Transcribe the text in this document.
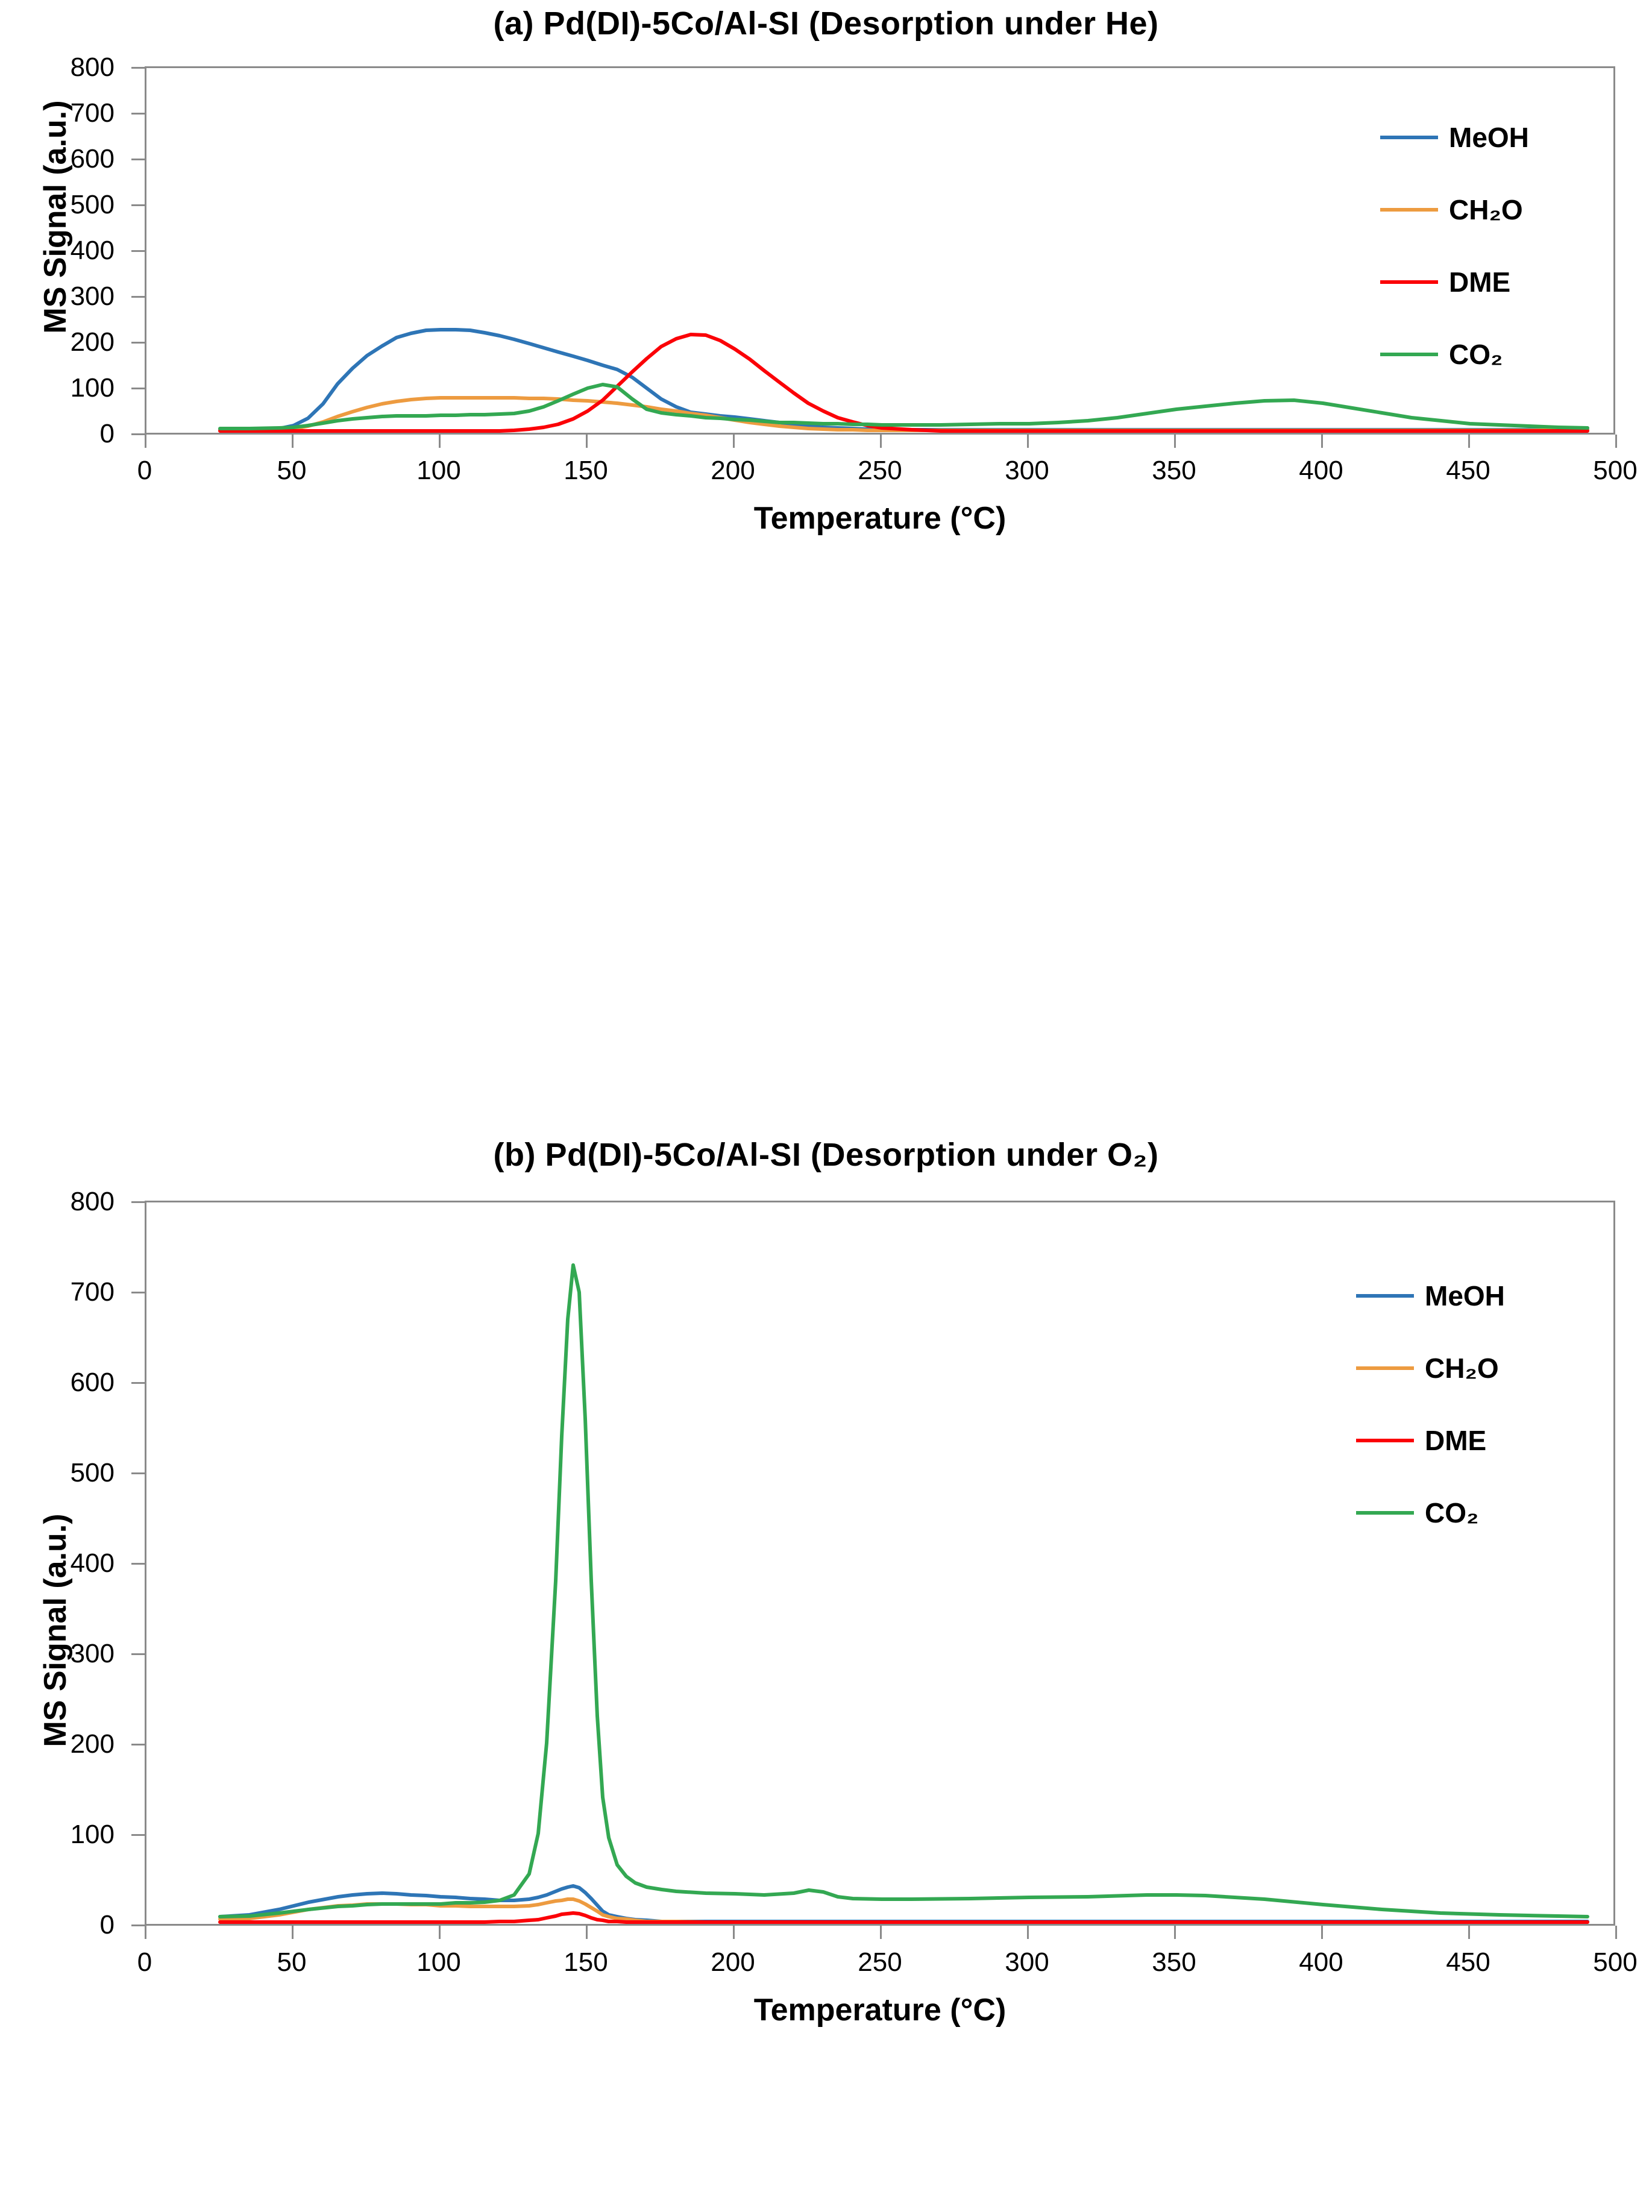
(a) Pd(DI)-5Co/Al-SI (Desorption under He)
MS Signal (a.u.)
800
700
600
500
400
300
200
100
0
0	50	100	150	200	250	300	350	400	450	500
Temperature (°C)
MeOH
CH₂O
DME
CO₂
(b) Pd(DI)-5Co/Al-SI (Desorption under O₂)
MS Signal (a.u.)
800
700
600
500
400
300
200
100
0
0	50	100	150	200	250	300	350	400	450	500
Temperature (°C)
MeOH
CH₂O
DME
CO₂
